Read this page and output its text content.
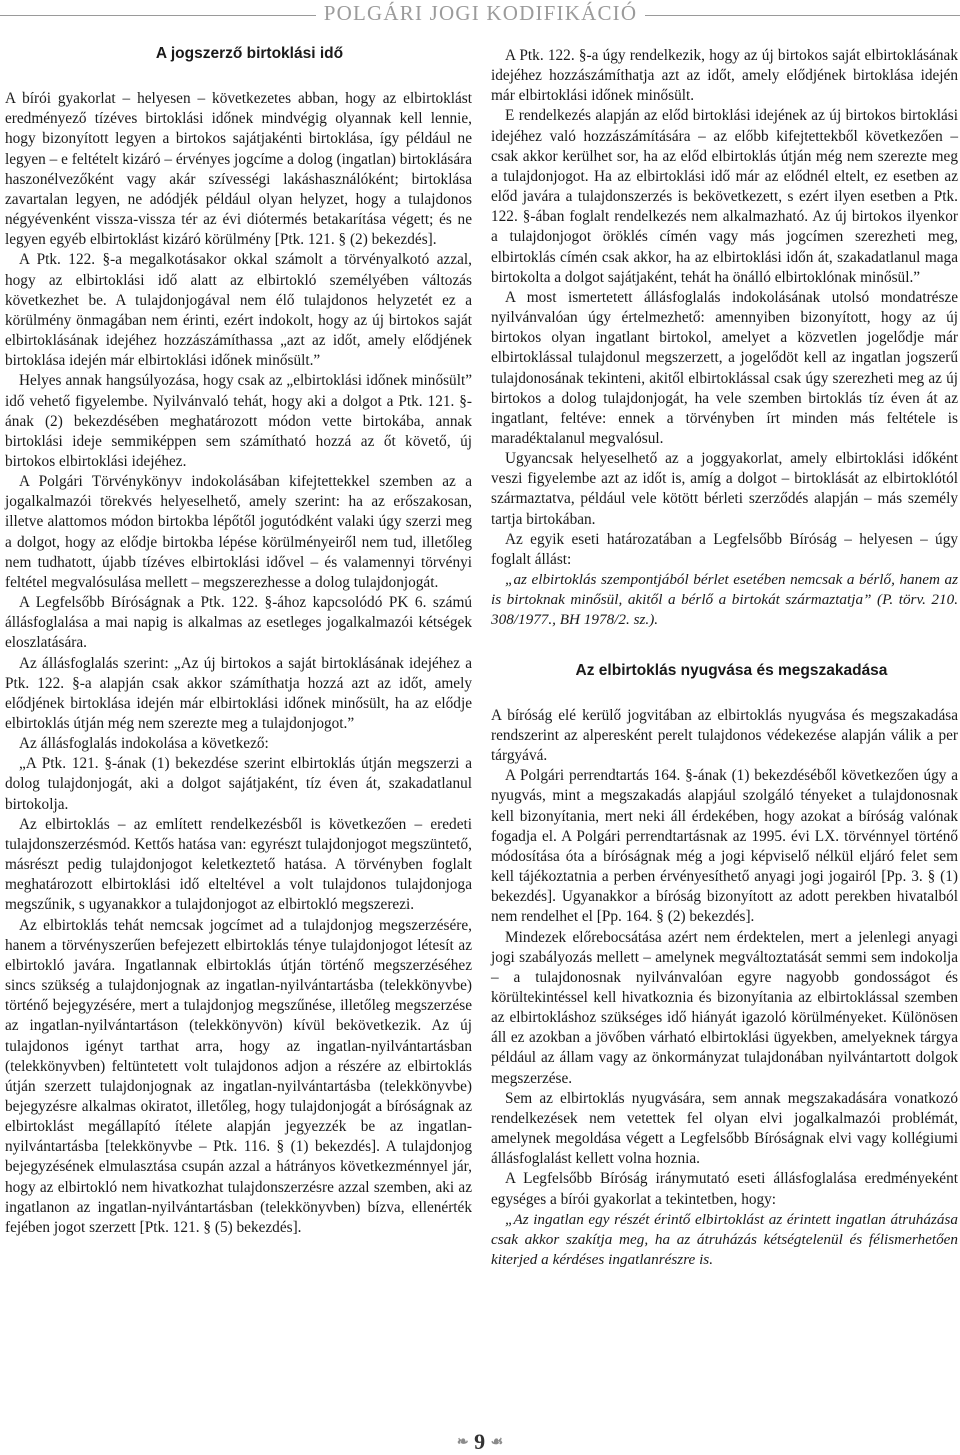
POLGÁRI JOGI KODIFIKÁCIÓ

A jogszerző birtoklási idő

A bírói gyakorlat – helyesen – következetes abban, hogy az elbirtoklást eredményező tízéves birtoklási időnek mindvégig olyannak kell lennie, hogy bizonyított legyen a birtokos sajátjakénti birtoklása, így például ne legyen – e feltételt kizáró – érvényes jogcíme a dolog (ingatlan) birtoklására haszonélvezőként vagy akár szívességi lakáshasználóként; birtoklása zavartalan legyen, ne adódjék például olyan helyzet, hogy a tulajdonos négyévenként vissza-vissza tér az évi diótermés betakarítása végett; és ne legyen egyéb elbirtoklást kizáró körülmény [Ptk. 121. § (2) bekezdés].

A Ptk. 122. §-a megalkotásakor okkal számolt a törvényalkotó azzal, hogy az elbirtoklási idő alatt az elbirtokló személyében változás következhet be. A tulajdonjogával nem élő tulajdonos helyzetét ez a körülmény önmagában nem érinti, ezért indokolt, hogy az új birtokos saját elbirtoklásának idejéhez hozzászámíthassa „azt az időt, amely elődjének birtoklása idején már elbirtoklási időnek minősült.”

Helyes annak hangsúlyozása, hogy csak az „elbirtoklási időnek minősült” idő vehető figyelembe. Nyilvánvaló tehát, hogy aki a dolgot a Ptk. 121. §-ának (2) bekezdésében meghatározott módon vette birtokába, annak birtoklási ideje semmiképpen sem számítható hozzá az őt követő, új birtokos elbirtoklási idejéhez.

A Polgári Törvénykönyv indokolásában kifejtettekkel szemben az a jogalkalmazói törekvés helyeselhető, amely szerint: ha az erőszakosan, illetve alattomos módon birtokba lépőtől jogutódként valaki úgy szerzi meg a dolgot, hogy az elődje birtokba lépése körülményeiről nem tud, illetőleg nem tudhatott, újabb tízéves elbirtoklási idővel – és valamennyi törvényi feltétel megvalósulása mellett – megszerezhesse a dolog tulajdonjogát.

A Legfelsőbb Bíróságnak a Ptk. 122. §-ához kapcsolódó PK 6. számú állásfoglalása a mai napig is alkalmas az esetleges jogalkalmazói kétségek eloszlatására.

Az állásfoglalás szerint: „Az új birtokos a saját birtoklásának idejéhez a Ptk. 122. §-a alapján csak akkor számíthatja hozzá azt az időt, amely elődjének birtoklása idején már elbirtoklási időnek minősült, ha az elődje elbirtoklás útján még nem szerezte meg a tulajdonjogot.”

Az állásfoglalás indokolása a következő:

„A Ptk. 121. §-ának (1) bekezdése szerint elbirtoklás útján megszerzi a dolog tulajdonjogát, aki a dolgot sajátjaként, tíz éven át, szakadatlanul birtokolja.

Az elbirtoklás – az említett rendelkezésből is következően – eredeti tulajdonszerzésmód. Kettős hatása van: egyrészt tulajdonjogot megszüntető, másrészt pedig tulajdonjogot keletkeztető hatása. A törvényben foglalt meghatározott elbirtoklási idő elteltével a volt tulajdonos tulajdonjoga megszűnik, s ugyanakkor a tulajdonjogot az elbirtokló megszerezi.

Az elbirtoklás tehát nemcsak jogcímet ad a tulajdonjog megszerzésére, hanem a törvényszerűen befejezett elbirtoklás ténye tulajdonjogot létesít az elbirtokló javára. Ingatlannak elbirtoklás útján történő megszerzéséhez sincs szükség a tulajdonjognak az ingatlan-nyilvántartásba (telekkönyvbe) történő bejegyzésére, mert a tulajdonjog megszűnése, illetőleg megszerzése az ingatlan-nyilvántartáson (telekkönyvön) kívül bekövetkezik. Az új tulajdonos igényt tarthat arra, hogy az ingatlan-nyilvántartásban (telekkönyvben) feltüntetett volt tulajdonos adjon a részére az elbirtoklás útján szerzett tulajdonjognak az ingatlan-nyilvántartásba (telekkönyvbe) bejegyzésre alkalmas okiratot, illetőleg, hogy tulajdonjogát a bíróságnak az elbirtoklást megállapító ítélete alapján jegyezzék be az ingatlan-nyilvántartásba [telekkönyvbe – Ptk. 116. § (1) bekezdés]. A tulajdonjog bejegyzésének elmulasztása csupán azzal a hátrányos következménnyel jár, hogy az elbirtokló nem hivatkozhat tulajdonszerzésre azzal szemben, aki az ingatlanon az ingatlan-nyilvántartásban (telekkönyvben) bízva, ellenérték fejében jogot szerzett [Ptk. 121. § (5) bekezdés].

A Ptk. 122. §-a úgy rendelkezik, hogy az új birtokos saját elbirtoklásának idejéhez hozzászámíthatja azt az időt, amely elődjének birtoklása idején már elbirtoklási időnek minősült.

E rendelkezés alapján az előd birtoklási idejének az új birtokos birtoklási idejéhez való hozzászámítására – az előbb kifejtettekből következően – csak akkor kerülhet sor, ha az előd elbirtoklás útján még nem szerezte meg a tulajdonjogot. Ha az elbirtoklási idő már az elődnél eltelt, ez esetben az előd javára a tulajdonszerzés is bekövetkezett, s ezért ilyen esetben a Ptk. 122. §-ában foglalt rendelkezés nem alkalmazható. Az új birtokos ilyenkor a tulajdonjogot öröklés címén vagy más jogcímen szerezheti meg, elbirtoklás címén csak akkor, ha az elbirtoklási időn át, szakadatlanul maga birtokolta a dolgot sajátjaként, tehát ha önálló elbirtoklónak minősül.”

A most ismertetett állásfoglalás indokolásának utolsó mondatrésze nyilvánvalóan úgy értelmezhető: amennyiben bizonyított, hogy az új birtokos olyan ingatlant birtokol, amelyet a közvetlen jogelődje már elbirtoklással tulajdonul megszerzett, a jogelődöt kell az ingatlan jogszerű tulajdonosának tekinteni, akitől elbirtoklással csak úgy szerezheti meg az új birtokos a dolog tulajdonjogát, ha vele szemben birtoklás tíz éven át az ingatlant, feltéve: ennek a törvényben írt minden más feltétele is maradéktalanul megvalósul.

Ugyancsak helyeselhető az a joggyakorlat, amely elbirtoklási időként veszi figyelembe azt az időt is, amíg a dolgot – birtoklását az elbirtoklótól származtatva, például vele kötött bérleti szerződés alapján – más személy tartja birtokában.

Az egyik eseti határozatában a Legfelsőbb Bíróság – helyesen – úgy foglalt állást:

„az elbirtoklás szempontjából bérlet esetében nemcsak a bérlő, hanem az is birtoknak minősül, akitől a bérlő a birtokát származtatja” (P. törv. 210. 308/1977., BH 1978/2. sz.).

Az elbirtoklás nyugvása és megszakadása

A bíróság elé kerülő jogvitában az elbirtoklás nyugvása és megszakadása rendszerint az alperesként perelt tulajdonos védekezése alapján válik a per tárgyává.

A Polgári perrendtartás 164. §-ának (1) bekezdéséből következően úgy a nyugvás, mint a megszakadás alapjául szolgáló tényeket a tulajdonosnak kell bizonyítania, mert neki áll érdekében, hogy azokat a bíróság valónak fogadja el. A Polgári perrendtartásnak az 1995. évi LX. törvénnyel történő módosítása óta a bíróságnak még a jogi képviselő nélkül eljáró felet sem kell tájékoztatnia a perben érvényesíthető anyagi jogi jogairól [Pp. 3. § (1) bekezdés]. Ugyanakkor a bíróság bizonyított az adott perekben hivatalból nem rendelhet el [Pp. 164. § (2) bekezdés].

Mindezek előrebocsátása azért nem érdektelen, mert a jelenlegi anyagi jogi szabályozás mellett – amelynek megváltoztatását semmi sem indokolja – a tulajdonosnak nyilvánvalóan egyre nagyobb gondosságot és körültekintéssel kell hivatkoznia és bizonyítania az elbirtoklással szemben az elbirtokláshoz szükséges idő hiányát igazoló körülményeket. Különösen áll ez azokban a jövőben várható elbirtoklási ügyekben, amelyeknek tárgya például az állam vagy az önkormányzat tulajdonában nyilvántartott dolgok megszerzése.

Sem az elbirtoklás nyugvására, sem annak megszakadására vonatkozó rendelkezések nem vetettek fel olyan elvi jogalkalmazói problémát, amelynek megoldása végett a Legfelsőbb Bíróságnak elvi vagy kollégiumi állásfoglalást kellett volna hoznia.

A Legfelsőbb Bíróság iránymutató eseti állásfoglalása eredményeként egységes a bírói gyakorlat a tekintetben, hogy:

„Az ingatlan egy részét érintő elbirtoklást az érintett ingatlan átruházása csak akkor szakítja meg, ha az átruházás kétségtelenül és félismerhetően kiterjed a kérdéses ingatlanrészre is.

❧ 9 ☙
